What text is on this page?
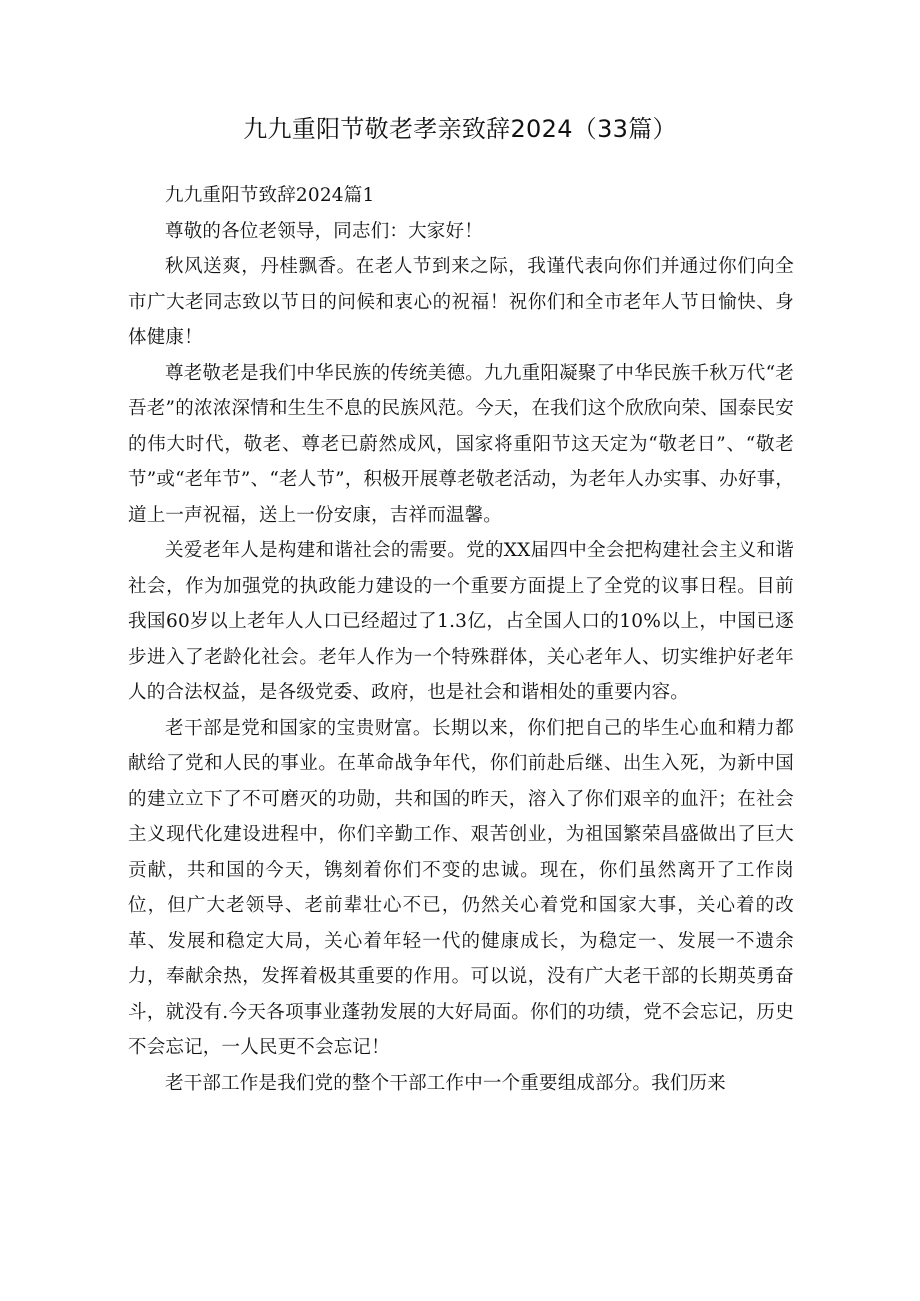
九九重阳节敬老孝亲致辞2024（33篇）

九九重阳节致辞2024篇1

尊敬的各位老领导，同志们：大家好！

秋风送爽，丹桂飘香。在老人节到来之际，我谨代表向你们并通过你们向全市广大老同志致以节日的问候和衷心的祝福！祝你们和全市老年人节日愉快、身体健康！

尊老敬老是我们中华民族的传统美德。九九重阳凝聚了中华民族千秋万代“老吾老”的浓浓深情和生生不息的民族风范。今天，在我们这个欣欣向荣、国泰民安的伟大时代，敬老、尊老已蔚然成风，国家将重阳节这天定为“敬老日”、“敬老节”或“老年节”、“老人节”，积极开展尊老敬老活动，为老年人办实事、办好事，道上一声祝福，送上一份安康，吉祥而温馨。

关爱老年人是构建和谐社会的需要。党的XX届四中全会把构建社会主义和谐社会，作为加强党的执政能力建设的一个重要方面提上了全党的议事日程。目前我国60岁以上老年人人口已经超过了1.3亿，占全国人口的10%以上，中国已逐步进入了老龄化社会。老年人作为一个特殊群体，关心老年人、切实维护好老年人的合法权益，是各级党委、政府，也是社会和谐相处的重要内容。

老干部是党和国家的宝贵财富。长期以来，你们把自己的毕生心血和精力都献给了党和人民的事业。在革命战争年代，你们前赴后继、出生入死，为新中国的建立立下了不可磨灭的功勋，共和国的昨天，溶入了你们艰辛的血汗；在社会主义现代化建设进程中，你们辛勤工作、艰苦创业，为祖国繁荣昌盛做出了巨大贡献，共和国的今天，镌刻着你们不变的忠诚。现在，你们虽然离开了工作岗位，但广大老领导、老前辈壮心不已，仍然关心着党和国家大事，关心着的改革、发展和稳定大局，关心着年轻一代的健康成长，为稳定一、发展一不遗余力，奉献余热，发挥着极其重要的作用。可以说，没有广大老干部的长期英勇奋斗，就没有.今天各项事业蓬勃发展的大好局面。你们的功绩，党不会忘记，历史不会忘记，一人民更不会忘记！

老干部工作是我们党的整个干部工作中一个重要组成部分。我们历来
